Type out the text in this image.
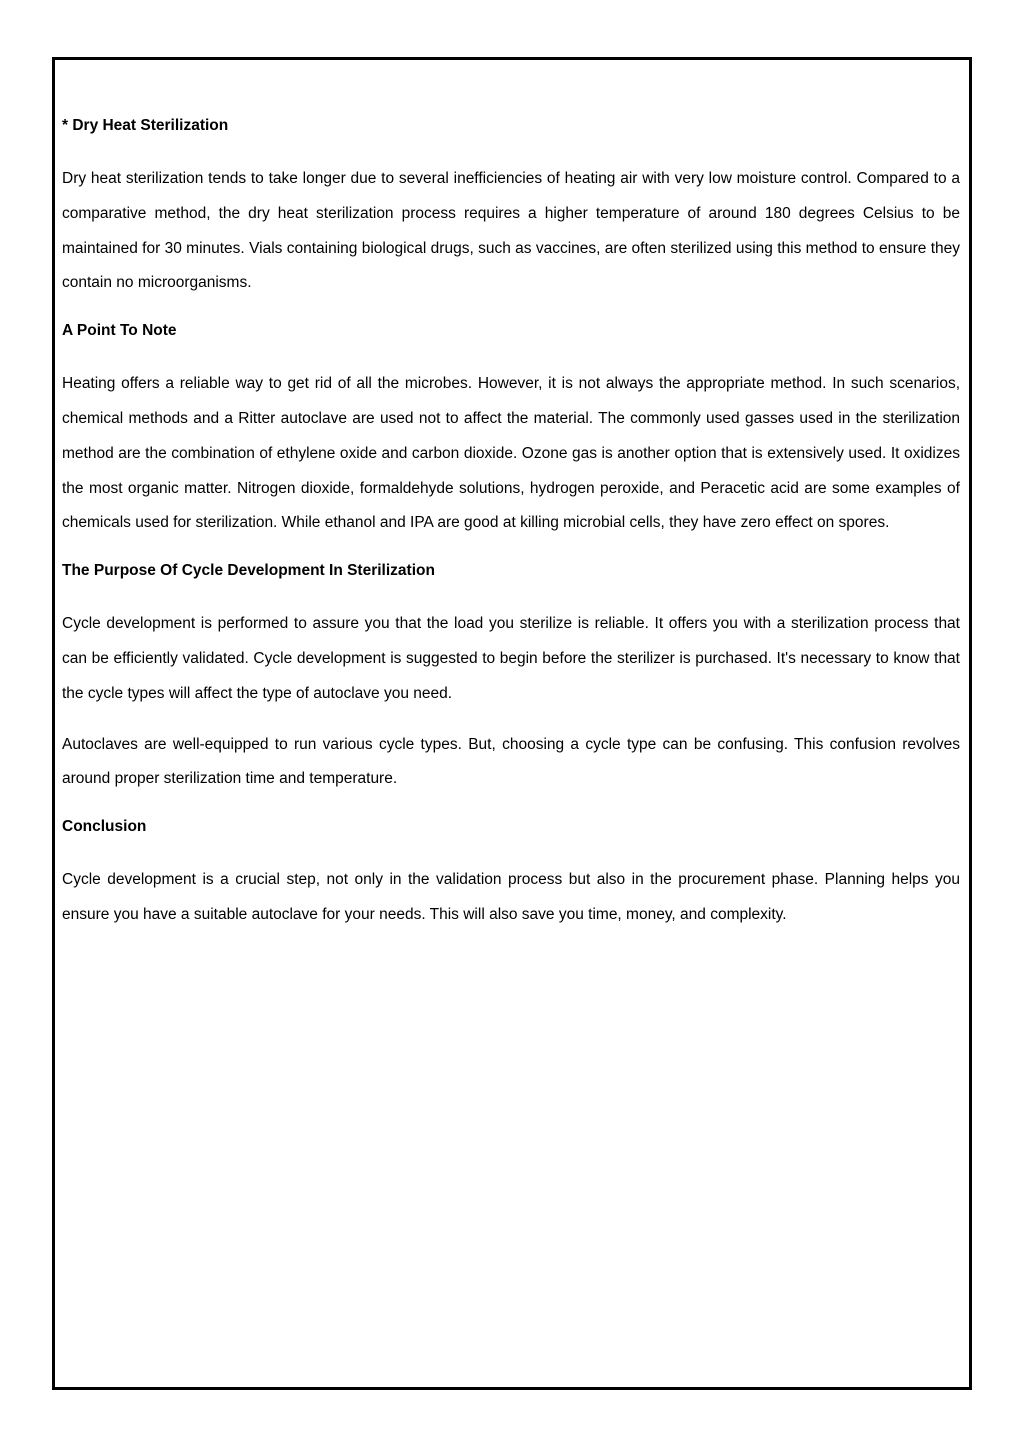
* Dry Heat Sterilization

Dry heat sterilization tends to take longer due to several inefficiencies of heating air with very low moisture control. Compared to a comparative method, the dry heat sterilization process requires a higher temperature of around 180 degrees Celsius to be maintained for 30 minutes. Vials containing biological drugs, such as vaccines, are often sterilized using this method to ensure they contain no microorganisms.

A Point To Note

Heating offers a reliable way to get rid of all the microbes. However, it is not always the appropriate method. In such scenarios, chemical methods and a Ritter autoclave are used not to affect the material. The commonly used gasses used in the sterilization method are the combination of ethylene oxide and carbon dioxide. Ozone gas is another option that is extensively used. It oxidizes the most organic matter. Nitrogen dioxide, formaldehyde solutions, hydrogen peroxide, and Peracetic acid are some examples of chemicals used for sterilization. While ethanol and IPA are good at killing microbial cells, they have zero effect on spores.

The Purpose Of Cycle Development In Sterilization

Cycle development is performed to assure you that the load you sterilize is reliable. It offers you with a sterilization process that can be efficiently validated. Cycle development is suggested to begin before the sterilizer is purchased. It's necessary to know that the cycle types will affect the type of autoclave you need.

Autoclaves are well-equipped to run various cycle types. But, choosing a cycle type can be confusing. This confusion revolves around proper sterilization time and temperature.

Conclusion

Cycle development is a crucial step, not only in the validation process but also in the procurement phase. Planning helps you ensure you have a suitable autoclave for your needs. This will also save you time, money, and complexity.
